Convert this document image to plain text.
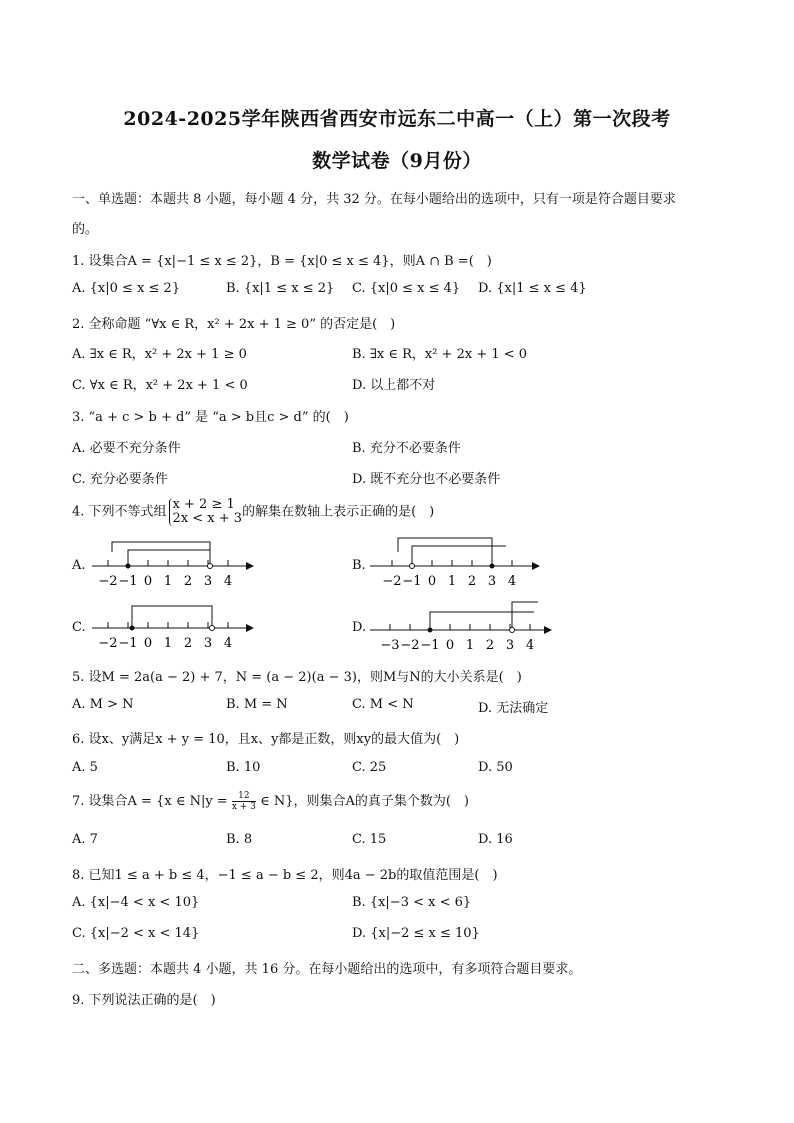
2024-2025学年陕西省西安市远东二中高一（上）第一次段考
数学试卷（9月份）
一、单选题：本题共 8 小题，每小题 4 分，共 32 分。在每小题给出的选项中，只有一项是符合题目要求
的。
1. 设集合A = {x|−1 ≤ x ≤ 2}，B = {x|0 ≤ x ≤ 4}，则A ∩ B =(　)
A. {x|0 ≤ x ≤ 2}	B. {x|1 ≤ x ≤ 2} C. {x|0 ≤ x ≤ 4} D. {x|1 ≤ x ≤ 4}
2. 全称命题 “∀x ∈ R，x² + 2x + 1 ≥ 0” 的否定是(　)
A. ∃x ∈ R，x² + 2x + 1 ≥ 0	B. ∃x ∈ R，x² + 2x + 1 < 0
C. ∀x ∈ R，x² + 2x + 1 < 0	D. 以上都不对
3. “a + c > b + d” 是 “a > b且c > d” 的(　)
A. 必要不充分条件	B. 充分不必要条件
C. 充分必要条件	D. 既不充分也不必要条件
4. 下列不等式组 x + 2 ≥ 1
2x < x + 3的解集在数轴上表示正确的是(　)
A.
−2 −1 0 1 2 3 4
B.
−2 −1 0 1 2 3 4
C.
−2 −1 0 1 2 3 4
D.
−3 −2 −1 0 1 2 3 4
5. 设M = 2a(a − 2) + 7，N = (a − 2)(a − 3)，则M与N的大小关系是(　)
A. M > N	B. M = N	C. M < N	D. 无法确定
6. 设x、y满足x + y = 10，且x、y都是正数，则xy的最大值为(　)
A. 5	B. 10	C. 25	D. 50
7. 设集合A = {x ∈ $N|y = \frac{12}{x + 3}$ ∈ N}，则集合A的真子集个数为(　)
A. 7	B. 8	C. 15	D. 16
8. 已知1 ≤ a + b ≤ 4，−1 ≤ a − b ≤ 2，则4a − 2b的取值范围是(　)
A. {x|−4 < x < 10}	B. {x|−3 < x < 6}
C. {x|−2 < x < 14}	D. {x|−2 ≤ x ≤ 10}
二、多选题：本题共 4 小题，共 16 分。在每小题给出的选项中，有多项符合题目要求。
9. 下列说法正确的是(　)
